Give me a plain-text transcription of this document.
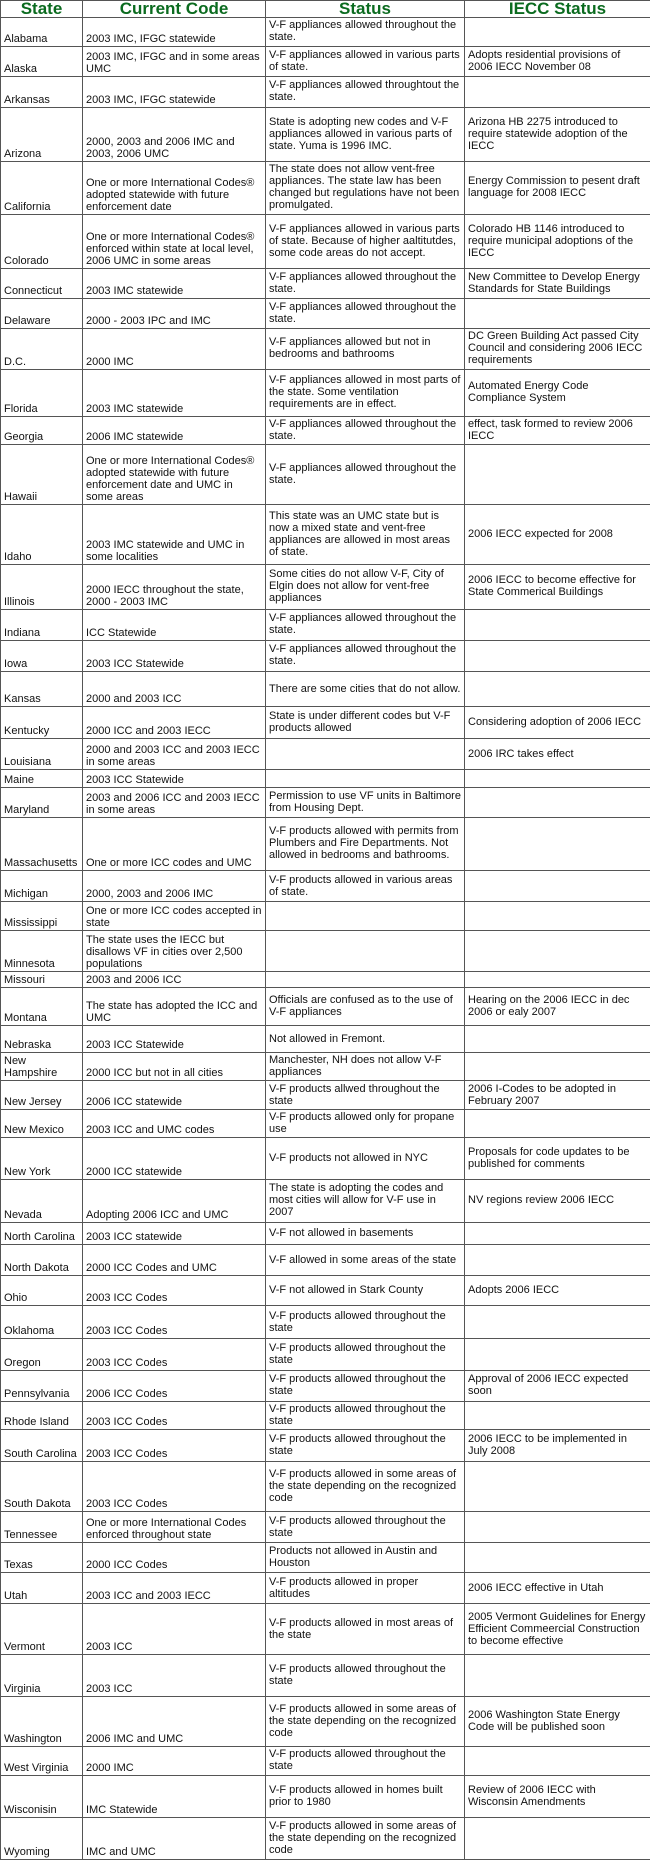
State	Current Code	Status	IECC Status
Alabama	2003 IMC, IFGC statewide	V-F appliances allowed throughout the state.	
Alaska	2003 IMC, IFGC and in some areas UMC	V-F appliances allowed in various parts of state.	Adopts residential provisions of 2006 IECC November 08
Arkansas	2003 IMC, IFGC statewide	V-F appliances allowed throughtout the state.	
Arizona	2000, 2003 and 2006 IMC and 2003, 2006 UMC	State is adopting new codes and V-F appliances allowed in various parts of state. Yuma is 1996 IMC.	Arizona HB 2275 introduced to require statewide adoption of the IECC
California	One or more International Codes® adopted statewide with future enforcement date	The state does not allow vent-free appliances. The state law has been changed but regulations have not been promulgated.	Energy Commission to pesent draft language for 2008 IECC
Colorado	One or more International Codes® enforced within state at local level, 2006 UMC in some areas	V-F appliances allowed in various parts of state. Because of higher aaltitutdes, some code areas do not accept.	Colorado HB 1146 introduced to require municipal adoptions of the IECC
Connecticut	2003 IMC statewide	V-F appliances allowed throughout the state.	New Committee to Develop Energy Standards for State Buildings
Delaware	2000 - 2003 IPC and IMC	V-F appliances allowed throughout the state.	
D.C.	2000 IMC	V-F appliances allowed but not in bedrooms and bathrooms	DC Green Building Act passed City Council and considering 2006 IECC requirements
Florida	2003 IMC statewide	V-F appliances allowed in most parts of the state. Some ventilation requirements are in effect.	Automated Energy Code Compliance System
Georgia	2006 IMC statewide	V-F appliances allowed throughout the state.	effect, task formed to review 2006 IECC
Hawaii	One or more International Codes® adopted statewide with future enforcement date and UMC in some areas	V-F appliances allowed throughout the state.	
Idaho	2003 IMC statewide and UMC in some localities	This state was an UMC state but is now a mixed state and vent-free appliances are allowed in most areas of state.	2006 IECC expected for 2008
Illinois	2000 IECC throughout the state, 2000 - 2003 IMC	Some cities do not allow V-F, City of Elgin does not allow for vent-free appliances	2006 IECC to become effective for State Commerical Buildings
Indiana	ICC Statewide	V-F appliances allowed throughout the state.	
Iowa	2003 ICC Statewide	V-F appliances allowed throughout the state.	
Kansas	2000 and 2003 ICC	There are some cities that do not allow.	
Kentucky	2000 ICC and 2003 IECC	State is under different codes but V-F products allowed	Considering adoption of 2006 IECC
Louisiana	2000 and 2003 ICC and 2003 IECC in some areas		2006 IRC takes effect
Maine	2003 ICC Statewide		
Maryland	2003 and 2006 ICC and 2003 IECC in some areas	Permission to use VF units in Baltimore from Housing Dept.	
Massachusetts	One or more ICC codes and UMC	V-F products allowed with permits from Plumbers and Fire Departments. Not allowed in bedrooms and bathrooms.	
Michigan	2000, 2003 and 2006 IMC	V-F products allowed in various areas of state.	
Mississippi	One or more ICC codes accepted in state		
Minnesota	The state uses the IECC but disallows VF in cities over 2,500 populations		
Missouri	2003 and 2006 ICC		
Montana	The state has adopted the ICC and UMC	Officials are confused as to the use of V-F appliances	Hearing on the 2006 IECC in dec 2006 or ealy 2007
Nebraska	2003 ICC Statewide	Not allowed in Fremont.	
New Hampshire	2000 ICC but not in all cities	Manchester, NH does not allow V-F appliances	
New Jersey	2006 ICC statewide	V-F products allwed throughout the state	2006 I-Codes to be adopted in February 2007
New Mexico	2003 ICC and UMC codes	V-F products allowed only for propane use	
New York	2000 ICC statewide	V-F products not allowed in NYC	Proposals for code updates to be published for comments
Nevada	Adopting 2006 ICC and UMC	The state is adopting the codes and most cities will allow for V-F use in 2007	NV regions review 2006 IECC
North Carolina	2003 ICC statewide	V-F not allowed in basements	
North Dakota	2000 ICC Codes and UMC	V-F allowed in some areas of the state	
Ohio	2003 ICC Codes	V-F not allowed in Stark County	Adopts 2006 IECC
Oklahoma	2003 ICC Codes	V-F products allowed throughout the state	
Oregon	2003 ICC Codes	V-F products allowed throughout the state	
Pennsylvania	2006 ICC Codes	V-F products allowed throughout the state	Approval of 2006 IECC expected soon
Rhode Island	2003 ICC Codes	V-F products allowed throughout the state	
South Carolina	2003 ICC Codes	V-F products allowed throughout the state	2006 IECC to be implemented in July 2008
South Dakota	2003 ICC Codes	V-F products allowed in some areas of the state depending on the recognized code	
Tennessee	One or more International Codes enforced throughout state	V-F products allowed throughout the state	
Texas	2000 ICC Codes	Products not allowed in Austin and Houston	
Utah	2003 ICC and 2003 IECC	V-F products allowed in proper altitudes	2006 IECC effective in Utah
Vermont	2003 ICC	V-F products allowed in most areas of the state	2005 Vermont Guidelines for Energy Efficient Commeercial Construction to become effective
Virginia	2003 ICC	V-F products allowed throughout the state	
Washington	2006 IMC and UMC	V-F products allowed in some areas of the state depending on the recognized code	2006 Washington State Energy Code will be published soon
West Virginia	2000 IMC	V-F products allowed throughout the state	
Wisconisin	IMC Statewide	V-F products allowed in homes built prior to 1980	Review of 2006 IECC with Wisconsin Amendments
Wyoming	IMC and UMC	V-F products allowed in some areas of the state depending on the recognized code	
